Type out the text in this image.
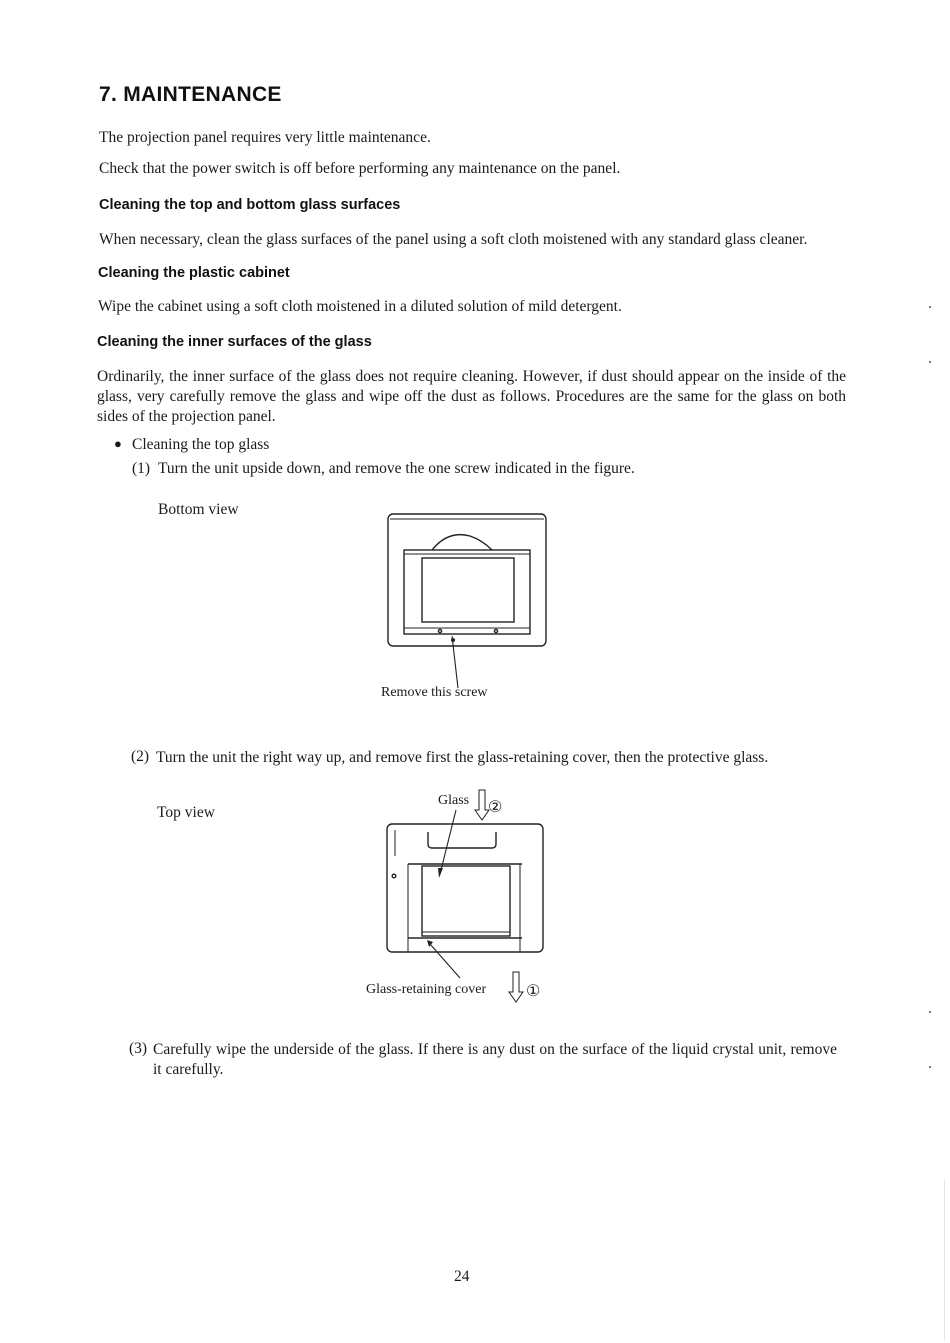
7. MAINTENANCE
The projection panel requires very little maintenance.
Check that the power switch is off before performing any maintenance on the panel.
Cleaning the top and bottom glass surfaces
When necessary, clean the glass surfaces of the panel using a soft cloth moistened with any standard glass cleaner.
Cleaning the plastic cabinet
Wipe the cabinet using a soft cloth moistened in a diluted solution of mild detergent.
Cleaning the inner surfaces of the glass
Ordinarily, the inner surface of the glass does not require cleaning. However, if dust should appear on the inside of the glass, very carefully remove the glass and wipe off the dust as follows. Procedures are the same for the glass on both sides of the projection panel.
● Cleaning the top glass
(1) Turn the unit upside down, and remove the one screw indicated in the figure.
Bottom view
Remove this screw
(2) Turn the unit the right way up, and remove first the glass-retaining cover, then the protective glass.
Top view
Glass ②
Glass-retaining cover ①
(3) Carefully wipe the underside of the glass. If there is any dust on the surface of the liquid crystal unit, remove it carefully.
24
